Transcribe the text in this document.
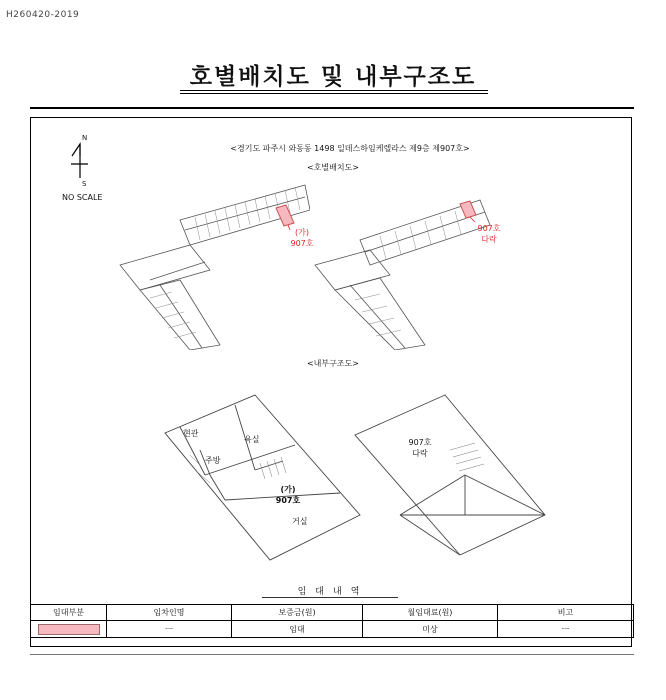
H260420-2019
호별배치도 및 내부구조도
N
S
NO SCALE
<경기도 파주시 와동동 1498 일데스하임케렐라스 제9층 제907호>
<호별배치도>
(가)
907호
907호
다락
<내부구조도>
현관
욕실
주방
(가)
907호
거실
907호
다락
임대내역
임대부분	임차인명	보증금(원)	월임대료(원)	비고
	ㅡ	임대	미상	ㅡ
